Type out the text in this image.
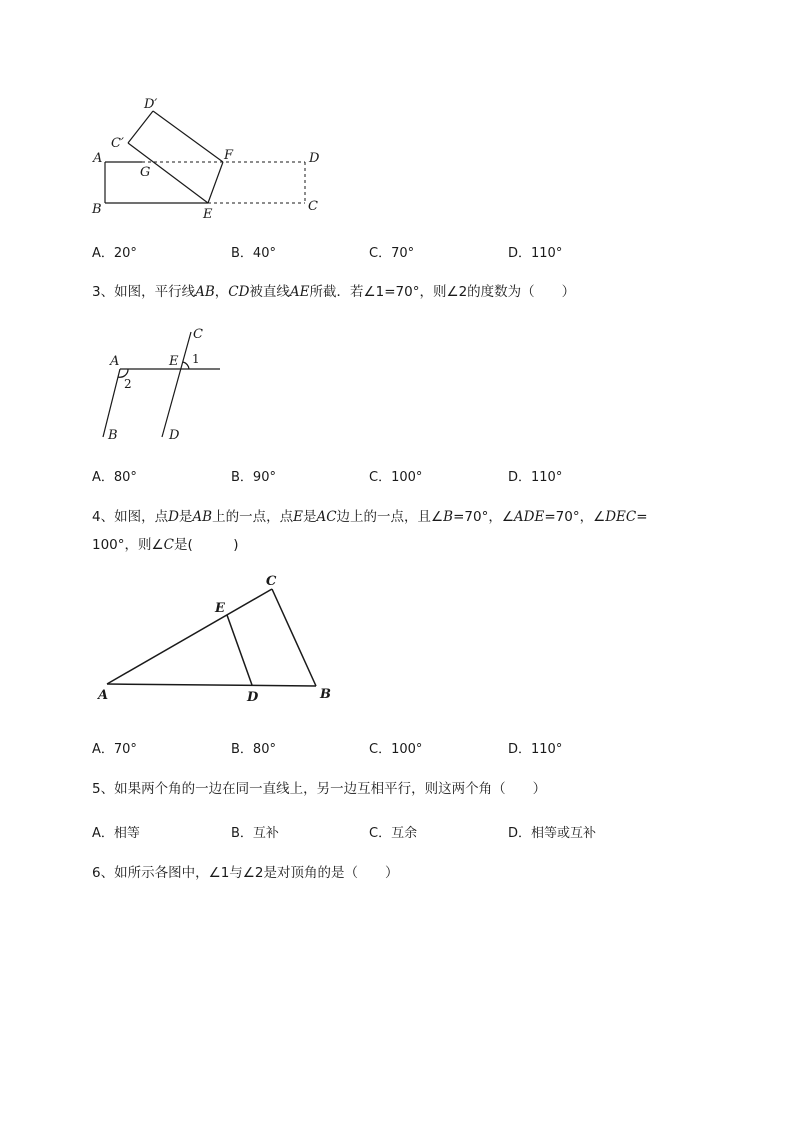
D′
C′
A	F	D
G
B	E
C
A．20°	B．40°	C．70°	D．110°
3、如图，平行线AB，CD被直线AE所截．若∠1=70°，则∠2的度数为（　　）
A	E
C
1
2
B	D
A．80°	B．90°	C．100°	D．110°
4、如图，点D是AB上的一点，点E是AC边上的一点，且∠B=70°，∠ADE=70°，∠DEC=
100°，则∠C是(　　　)
C
E
A	D	B
A．70°	B．80°	C．100°	D．110°
5、如果两个角的一边在同一直线上，另一边互相平行，则这两个角（　　）
A．相等	B．互补	C．互余	D．相等或互补
6、如所示各图中，∠1与∠2是对顶角的是（　　）
